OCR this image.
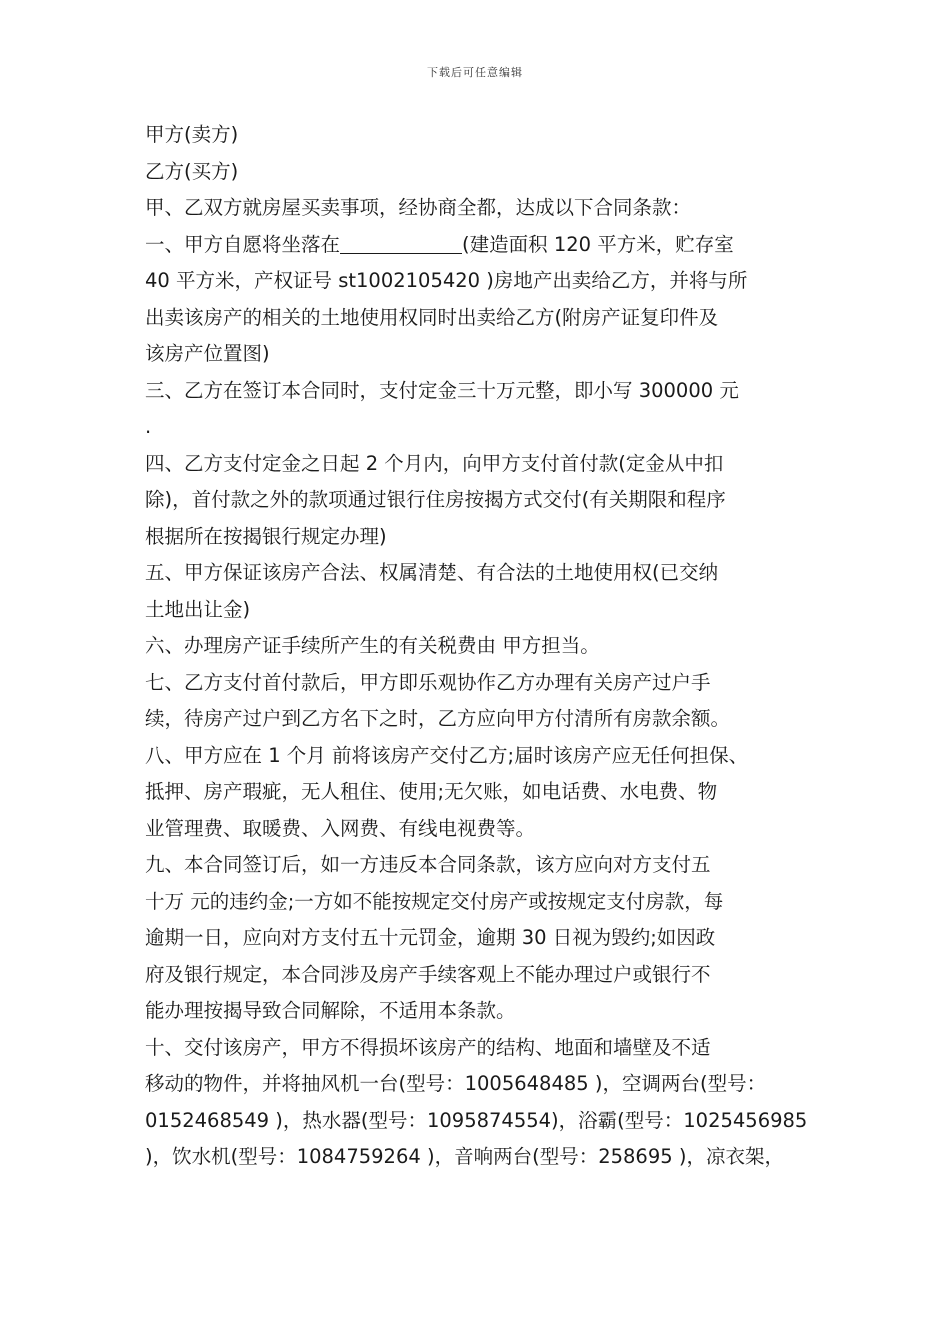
下载后可任意编辑
甲方(卖方)
乙方(买方)
甲、乙双方就房屋买卖事项，经协商全都，达成以下合同条款：
一、甲方自愿将坐落在	(建造面积 120 平方米，贮存室
40 平方米，产权证号 st1002105420 )房地产出卖给乙方，并将与所
出卖该房产的相关的土地使用权同时出卖给乙方(附房产证复印件及
该房产位置图)
三、乙方在签订本合同时，支付定金三十万元整，即小写 300000 元
.
四、乙方支付定金之日起 2 个月内，向甲方支付首付款(定金从中扣
除)，首付款之外的款项通过银行住房按揭方式交付(有关期限和程序
根据所在按揭银行规定办理)
五、甲方保证该房产合法、权属清楚、有合法的土地使用权(已交纳
土地出让金)
六、办理房产证手续所产生的有关税费由 甲方担当。
七、乙方支付首付款后，甲方即乐观协作乙方办理有关房产过户手
续，待房产过户到乙方名下之时，乙方应向甲方付清所有房款余额。
八、甲方应在 1 个月 前将该房产交付乙方;届时该房产应无任何担保、
抵押、房产瑕疵，无人租住、使用;无欠账，如电话费、水电费、物
业管理费、取暖费、入网费、有线电视费等。
九、本合同签订后，如一方违反本合同条款，该方应向对方支付五
十万 元的违约金;一方如不能按规定交付房产或按规定支付房款，每
逾期一日，应向对方支付五十元罚金，逾期 30 日视为毁约;如因政
府及银行规定，本合同涉及房产手续客观上不能办理过户或银行不
能办理按揭导致合同解除，不适用本条款。
十、交付该房产，甲方不得损坏该房产的结构、地面和墙壁及不适
移动的物件，并将抽风机一台(型号：1005648485 )，空调两台(型号：
0152468549 )，热水器(型号：1095874554)，浴霸(型号：1025456985
)，饮水机(型号：1084759264 )，音响两台(型号：258695 )，凉衣架，
